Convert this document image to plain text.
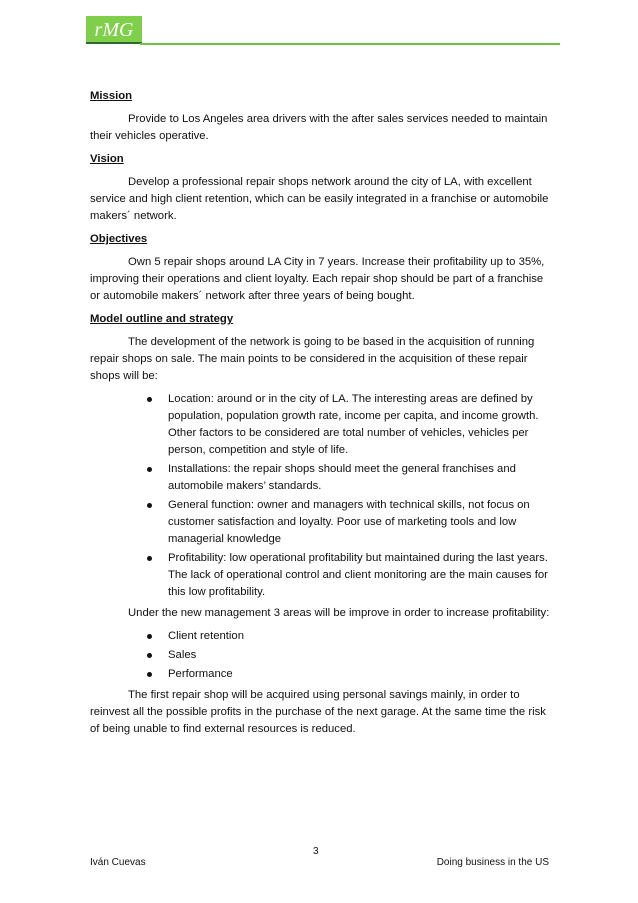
rMG

Mission

Provide to Los Angeles area drivers with the after sales services needed to maintain their vehicles operative.

Vision

Develop a professional repair shops network around the city of LA, with excellent service and high client retention, which can be easily integrated in a franchise or automobile makers´ network.

Objectives

Own 5 repair shops around LA City in 7 years. Increase their profitability up to 35%, improving their operations and client loyalty. Each repair shop should be part of a franchise or automobile makers´ network after three years of being bought.

Model outline and strategy

The development of the network is going to be based in the acquisition of running repair shops on sale. The main points to be considered in the acquisition of these repair shops will be:

Location: around or in the city of LA. The interesting areas are defined by population, population growth rate, income per capita, and income growth. Other factors to be considered are total number of vehicles, vehicles per person, competition and style of life.
Installations: the repair shops should meet the general franchises and automobile makers’ standards.
General function: owner and managers with technical skills, not focus on customer satisfaction and loyalty. Poor use of marketing tools and low managerial knowledge
Profitability: low operational profitability but maintained during the last years. The lack of operational control and client monitoring are the main causes for this low profitability.

Under the new management 3 areas will be improve in order to increase profitability:

Client retention
Sales
Performance

The first repair shop will be acquired using personal savings mainly, in order to reinvest all the possible profits in the purchase of the next garage. At the same time the risk of being unable to find external resources is reduced.

3
Iván Cuevas	Doing business in the US
